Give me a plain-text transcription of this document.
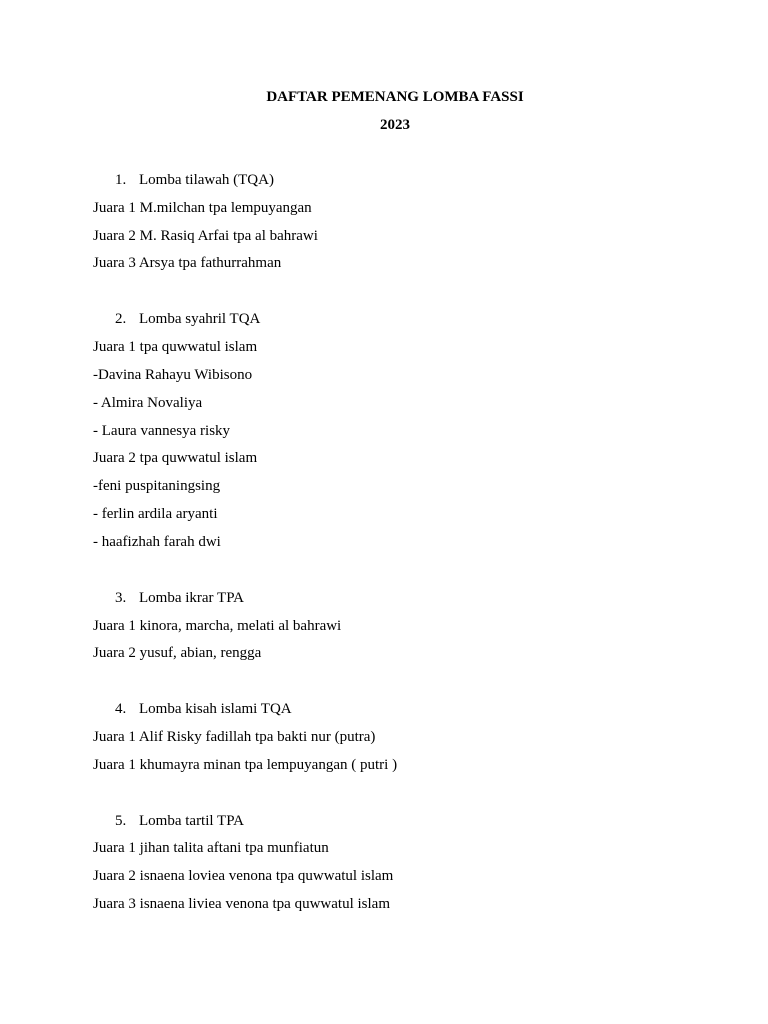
DAFTAR PEMENANG LOMBA FASSI
2023
1. Lomba tilawah (TQA)
Juara 1 M.milchan tpa lempuyangan
Juara 2 M. Rasiq Arfai tpa al bahrawi
Juara 3 Arsya tpa fathurrahman
2. Lomba syahril TQA
Juara 1 tpa quwwatul islam
-Davina Rahayu Wibisono
- Almira Novaliya
- Laura vannesya risky
Juara 2 tpa quwwatul islam
-feni puspitaningsing
- ferlin ardila aryanti
- haafizhah farah dwi
3. Lomba ikrar TPA
Juara 1 kinora, marcha, melati al bahrawi
Juara 2 yusuf, abian, rengga
4. Lomba kisah islami TQA
Juara 1 Alif Risky fadillah tpa bakti nur (putra)
Juara 1 khumayra minan tpa lempuyangan ( putri )
5. Lomba tartil TPA
Juara 1 jihan talita aftani tpa munfiatun
Juara 2 isnaena loviea venona tpa quwwatul islam
Juara 3 isnaena liviea venona tpa quwwatul islam
